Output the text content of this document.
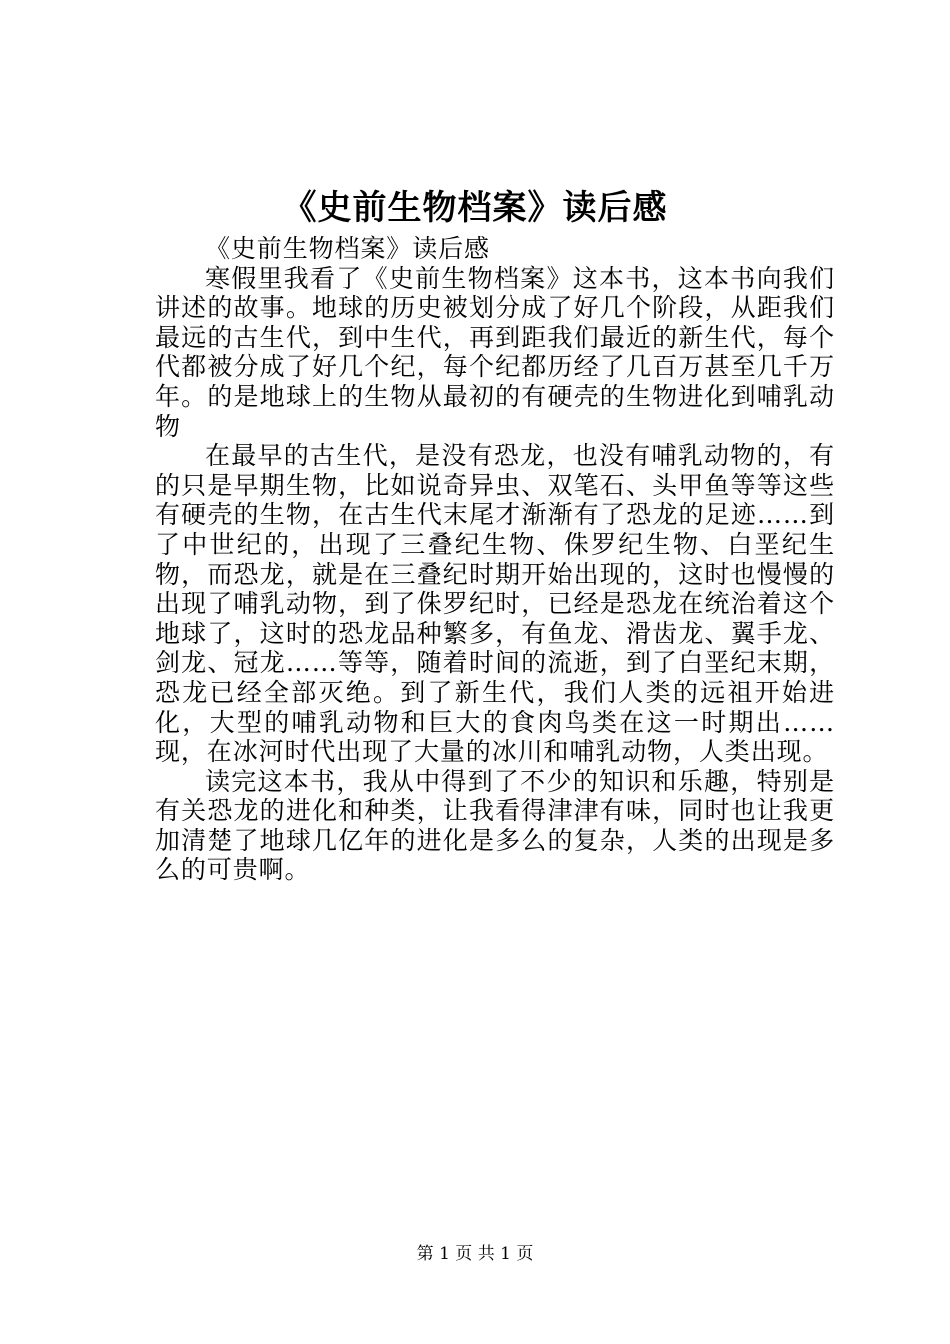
《史前生物档案》读后感

《史前生物档案》读后感

寒假里我看了《史前生物档案》这本书，这本书向我们讲述的故事。地球的历史被划分成了好几个阶段，从距我们最远的古生代，到中生代，再到距我们最近的新生代，每个代都被分成了好几个纪，每个纪都历经了几百万甚至几千万年。的是地球上的生物从最初的有硬壳的生物进化到哺乳动物

在最早的古生代，是没有恐龙，也没有哺乳动物的，有的只是早期生物，比如说奇异虫、双笔石、头甲鱼等等这些有硬壳的生物，在古生代末尾才渐渐有了恐龙的足迹……到了中世纪的，出现了三叠纪生物、侏罗纪生物、白垩纪生物，而恐龙，就是在三叠纪时期开始出现的，这时也慢慢的出现了哺乳动物，到了侏罗纪时，已经是恐龙在统治着这个地球了，这时的恐龙品种繁多，有鱼龙、滑齿龙、翼手龙、剑龙、冠龙……等等，随着时间的流逝，到了白垩纪末期，恐龙已经全部灭绝。到了新生代，我们人类的远祖开始进化，大型的哺乳动物和巨大的食肉鸟类在这一时期出……现，在冰河时代出现了大量的冰川和哺乳动物，人类出现。

读完这本书，我从中得到了不少的知识和乐趣，特别是有关恐龙的进化和种类，让我看得津津有味，同时也让我更加清楚了地球几亿年的进化是多么的复杂，人类的出现是多么的可贵啊。

第 1 页 共 1 页
